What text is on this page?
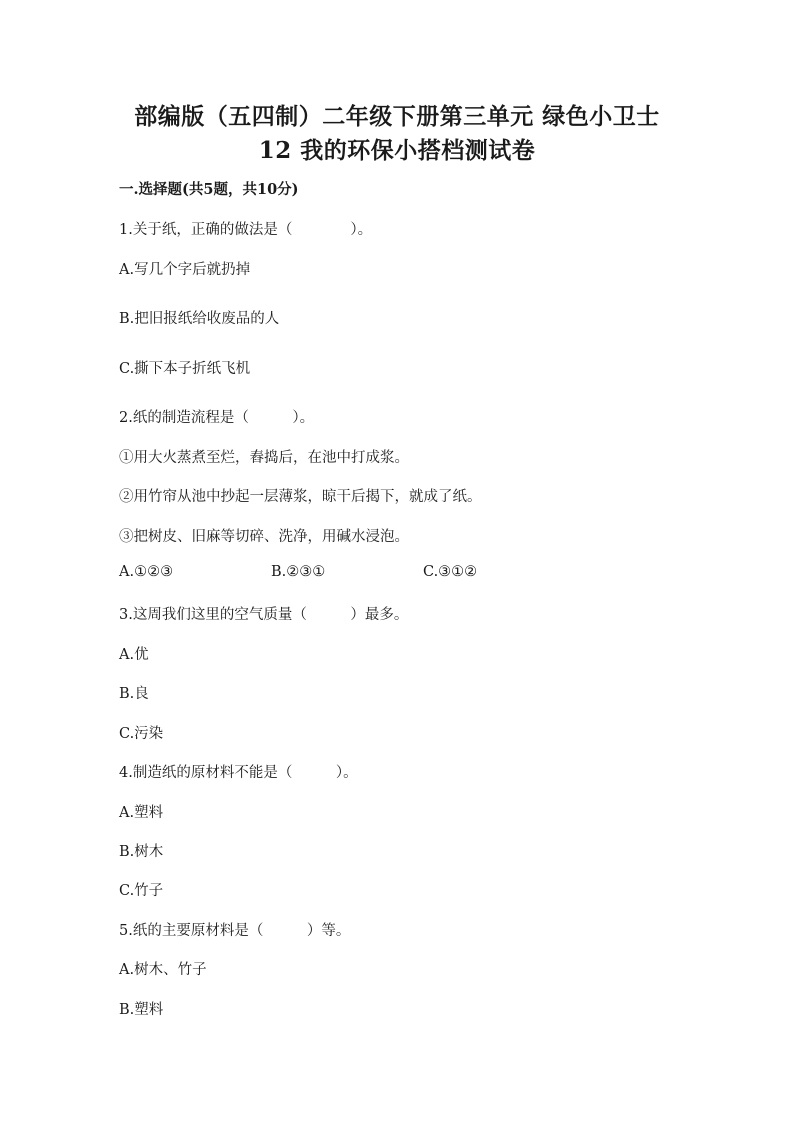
部编版（五四制）二年级下册第三单元 绿色小卫士
12 我的环保小搭档测试卷
一.选择题(共5题，共10分)
1.关于纸，正确的做法是（　　　　）。
A.写几个字后就扔掉
B.把旧报纸给收废品的人
C.撕下本子折纸飞机
2.纸的制造流程是（　　　）。
①用大火蒸煮至烂，舂捣后，在池中打成浆。
②用竹帘从池中抄起一层薄浆，晾干后揭下，就成了纸。
③把树皮、旧麻等切碎、洗净，用碱水浸泡。
A.①②③	B.②③①	C.③①②
3.这周我们这里的空气质量（　　　）最多。
A.优
B.良
C.污染
4.制造纸的原材料不能是（　　　）。
A.塑料
B.树木
C.竹子
5.纸的主要原材料是（　　　）等。
A.树木、竹子
B.塑料
